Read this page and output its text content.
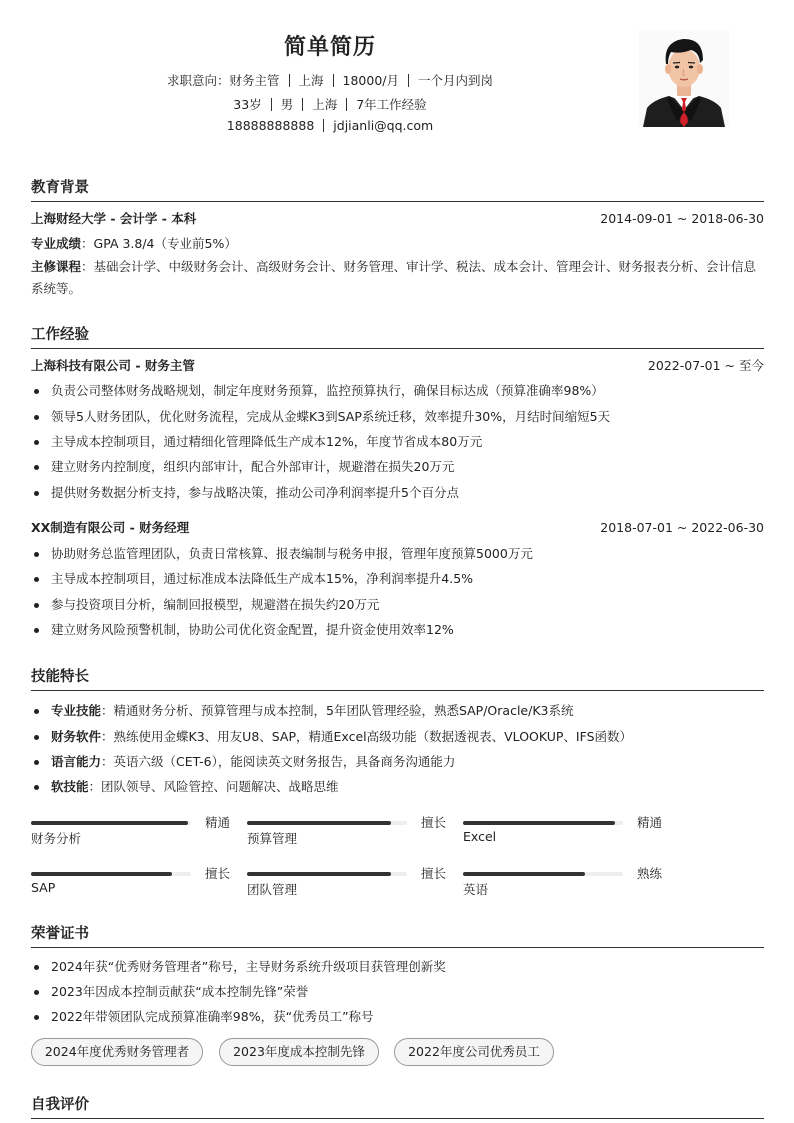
简单简历
求职意向：财务主管 上海 18000/月 一个月内到岗
33岁 男 上海 7年工作经验
18888888888 jdjianli@qq.com
教育背景
上海财经大学 - 会计学 - 本科	2014-09-01 ~ 2018-06-30
专业成绩：GPA 3.8/4（专业前5%）
主修课程：基础会计学、中级财务会计、高级财务会计、财务管理、审计学、税法、成本会计、管理会计、财务报表分析、会计信息系统等。
工作经验
上海科技有限公司 - 财务主管	2022-07-01 ~ 至今
负责公司整体财务战略规划，制定年度财务预算，监控预算执行，确保目标达成（预算准确率98%）
领导5人财务团队，优化财务流程，完成从金蝶K3到SAP系统迁移，效率提升30%，月结时间缩短5天
主导成本控制项目，通过精细化管理降低生产成本12%，年度节省成本80万元
建立财务内控制度，组织内部审计，配合外部审计，规避潜在损失20万元
提供财务数据分析支持，参与战略决策，推动公司净利润率提升5个百分点
XX制造有限公司 - 财务经理	2018-07-01 ~ 2022-06-30
协助财务总监管理团队，负责日常核算、报表编制与税务申报，管理年度预算5000万元
主导成本控制项目，通过标准成本法降低生产成本15%，净利润率提升4.5%
参与投资项目分析，编制回报模型，规避潜在损失约20万元
建立财务风险预警机制，协助公司优化资金配置，提升资金使用效率12%
技能特长
专业技能：精通财务分析、预算管理与成本控制，5年团队管理经验，熟悉SAP/Oracle/K3系统
财务软件：熟练使用金蝶K3、用友U8、SAP，精通Excel高级功能（数据透视表、VLOOKUP、IFS函数）
语言能力：英语六级（CET-6），能阅读英文财务报告，具备商务沟通能力
软技能：团队领导、风险管控、问题解决、战略思维
精通
财务分析
擅长
预算管理
精通
Excel
擅长
SAP
擅长
团队管理
熟练
英语
荣誉证书
2024年获“优秀财务管理者”称号，主导财务系统升级项目获管理创新奖
2023年因成本控制贡献获“成本控制先锋”荣誉
2022年带领团队完成预算准确率98%，获“优秀员工”称号
2024年度优秀财务管理者	2023年度成本控制先锋	2022年度公司优秀员工
自我评价
